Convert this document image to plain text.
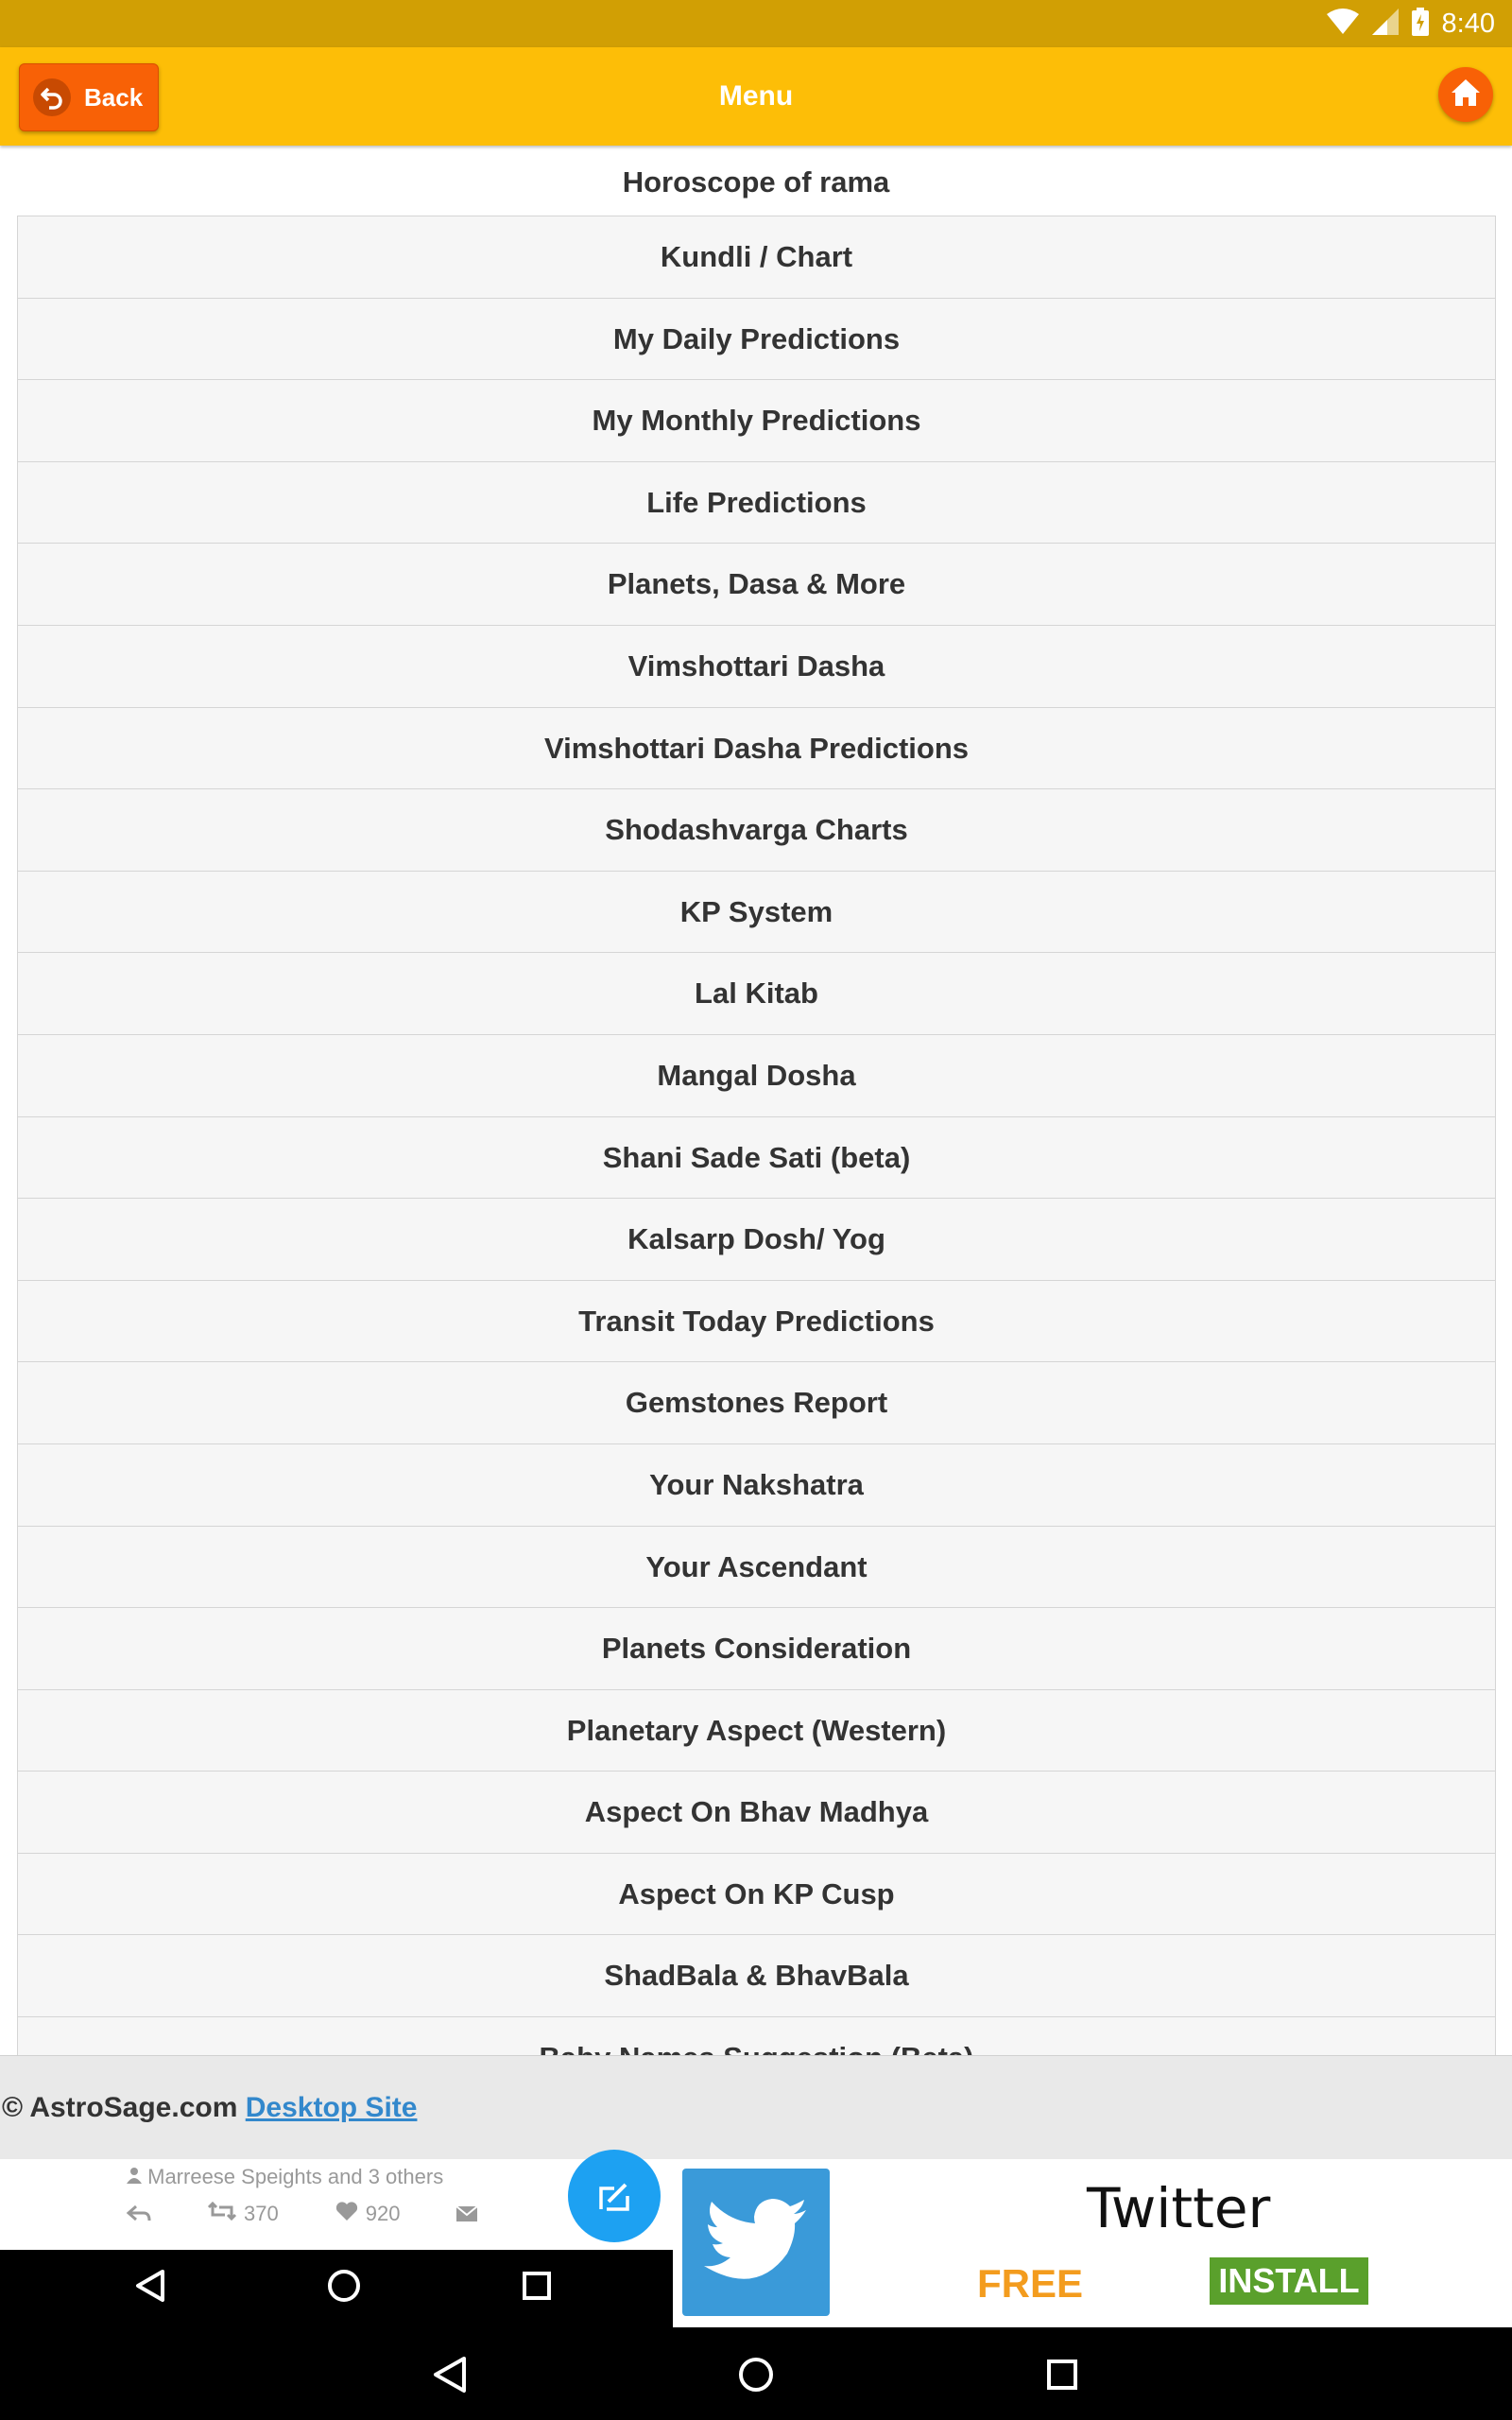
8:40
Menu
Back
Horoscope of rama
Kundli / Chart
My Daily Predictions
My Monthly Predictions
Life Predictions
Planets, Dasa & More
Vimshottari Dasha
Vimshottari Dasha Predictions
Shodashvarga Charts
KP System
Lal Kitab
Mangal Dosha
Shani Sade Sati (beta)
Kalsarp Dosh/ Yog
Transit Today Predictions
Gemstones Report
Your Nakshatra
Your Ascendant
Planets Consideration
Planetary Aspect (Western)
Aspect On Bhav Madhya
Aspect On KP Cusp
ShadBala & BhavBala
© AstroSage.com Desktop Site
Marreese Speights and 3 others
370	920	Twitter
FREE	INSTALL
